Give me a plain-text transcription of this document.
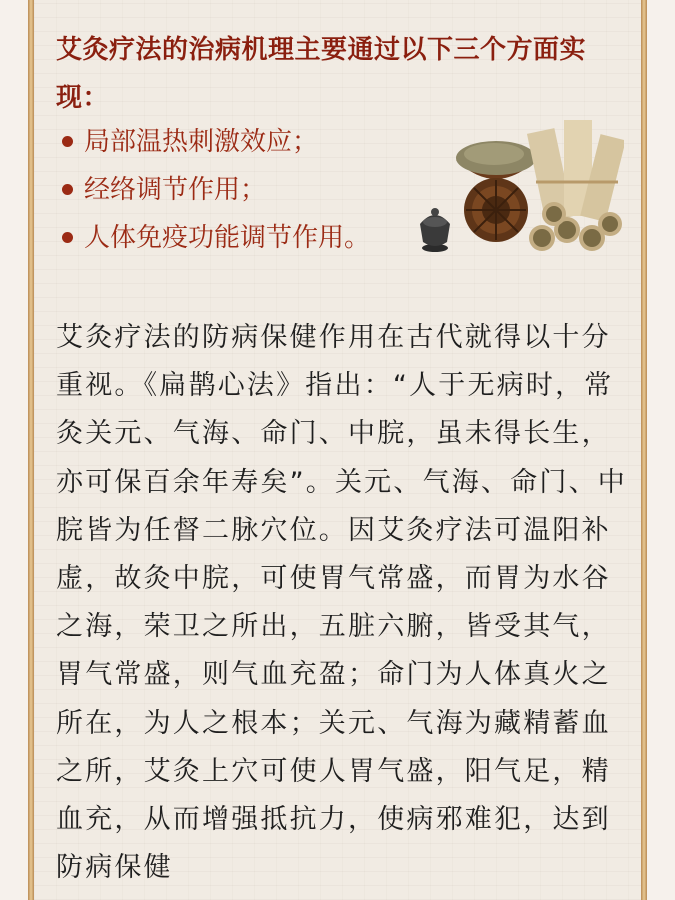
艾灸疗法的治病机理主要通过以下三个方面实现：
局部温热刺激效应；
经络调节作用；
人体免疫功能调节作用。
艾灸疗法的防病保健作用在古代就得以十分重视。《扁鹊心法》指出：“人于无病时，常灸关元、气海、命门、中脘，虽未得长生，亦可保百余年寿矣”。关元、气海、命门、中脘皆为任督二脉穴位。因艾灸疗法可温阳补虚，故灸中脘，可使胃气常盛，而胃为水谷之海，荣卫之所出，五脏六腑，皆受其气，胃气常盛，则气血充盈；命门为人体真火之所在，为人之根本；关元、气海为藏精蓄血之所，艾灸上穴可使人胃气盛，阳气足，精血充，从而增强抵抗力，使病邪难犯，达到防病保健
